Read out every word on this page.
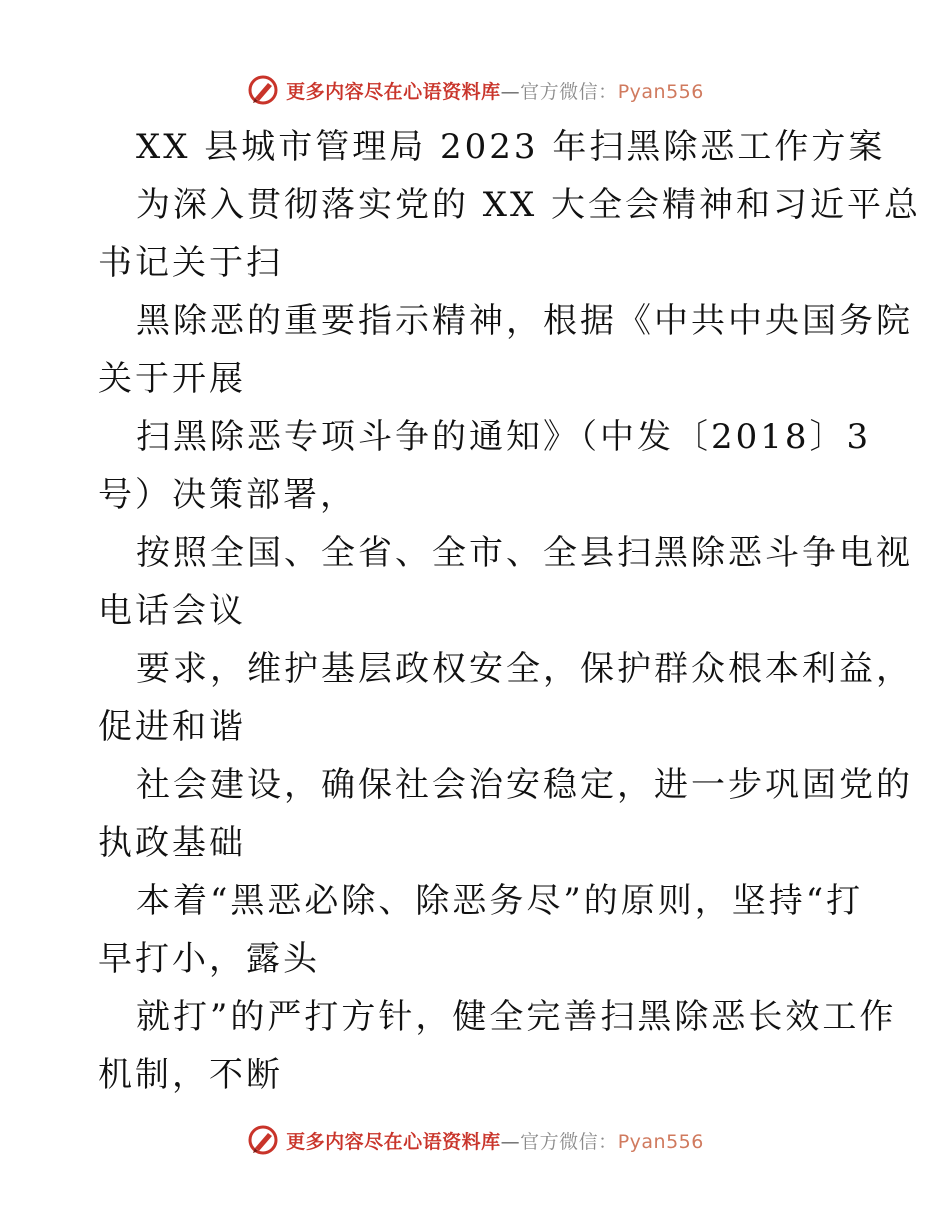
更多内容尽在心语资料库—官方微信：Pyan556
XX 县城市管理局 2023 年扫黑除恶工作方案
为深入贯彻落实党的 XX 大全会精神和习近平总
书记关于扫
黑除恶的重要指示精神，根据《中共中央国务院
关于开展
扫黑除恶专项斗争的通知》（中发〔2018〕3
号）决策部署，
按照全国、全省、全市、全县扫黑除恶斗争电视
电话会议
要求，维护基层政权安全，保护群众根本利益，
促进和谐
社会建设，确保社会治安稳定，进一步巩固党的
执政基础
本着“黑恶必除、除恶务尽”的原则，坚持“打
早打小，露头
就打”的严打方针，健全完善扫黑除恶长效工作
机制，不断
更多内容尽在心语资料库—官方微信：Pyan556
